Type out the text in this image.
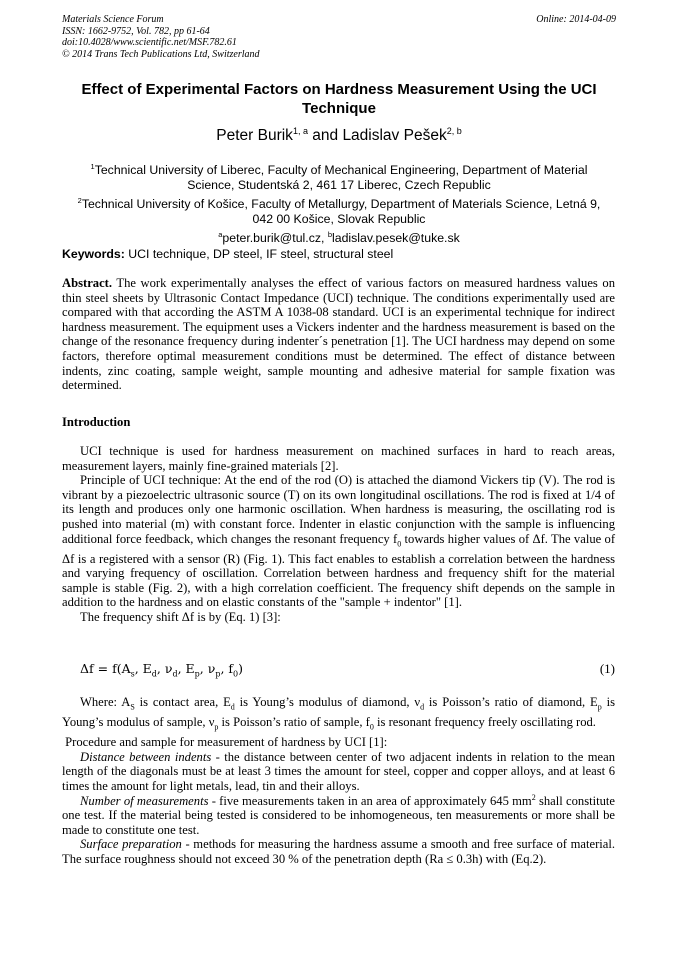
Materials Science Forum
ISSN: 1662-9752, Vol. 782, pp 61-64
doi:10.4028/www.scientific.net/MSF.782.61
© 2014 Trans Tech Publications Ltd, Switzerland
Online: 2014-04-09
Effect of Experimental Factors on Hardness Measurement Using the UCI
Technique
Peter Burik$^{1, a}$ and Ladislav Pešek$^{2, b}$
$^1$Technical University of Liberec, Faculty of Mechanical Engineering, Department of Material
Science, Studentská 2, 461 17 Liberec, Czech Republic
$^2$Technical University of Košice, Faculty of Metallurgy, Department of Materials Science, Letná 9,
042 00 Košice, Slovak Republic
$^a$peter.burik@tul.cz, $^b$ladislav.pesek@tuke.sk
Keywords: UCI technique, DP steel, IF steel, structural steel

Abstract. The work experimentally analyses the effect of various factors on measured hardness values on thin steel sheets by Ultrasonic Contact Impedance (UCI) technique. The conditions experimentally used are compared with that according the ASTM A 1038-08 standard. UCI is an experimental technique for indirect hardness measurement. The equipment uses a Vickers indenter and the hardness measurement is based on the change of the resonance frequency during indenter´s penetration [1]. The UCI hardness may depend on some factors, therefore optimal measurement conditions must be determined. The effect of distance between indents, zinc coating, sample weight, sample mounting and adhesive material for sample fixation was determined.

Introduction

UCI technique is used for hardness measurement on machined surfaces in hard to reach areas, measurement layers, mainly fine-grained materials [2].

Principle of UCI technique: At the end of the rod (O) is attached the diamond Vickers tip (V). The rod is vibrant by a piezoelectric ultrasonic source (T) on its own longitudinal oscillations. The rod is fixed at 1/4 of its length and produces only one harmonic oscillation. When hardness is measuring, the oscillating rod is pushed into material (m) with constant force. Indenter in elastic conjunction with the sample is influencing additional force feedback, which changes the resonant frequency $f_0$ towards higher values of Δf. The value of Δf is a registered with a sensor (R) (Fig. 1). This fact enables to establish a correlation between the hardness and varying frequency of oscillation. Correlation between hardness and frequency shift for the material sample is stable (Fig. 2), with a high correlation coefficient. The frequency shift depends on the sample in addition to the hardness and on elastic constants of the "sample + indentor" [1].

The frequency shift Δf is by (Eq. 1) [3]:

$\Delta f = f(A_s$, $E_d$, $\nu_d$, $E_p$, $\nu_p$, $f_0$)	(1)

Where: $A_S$ is contact area, $E_d$ is Young’s modulus of diamond, $\nu_d$ is Poisson’s ratio of diamond, $E_p$ is Young’s modulus of sample, $\nu_p$ is Poisson’s ratio of sample, $f_0$ is resonant frequency freely oscillating rod.

Procedure and sample for measurement of hardness by UCI [1]:

Distance between indents - the distance between center of two adjacent indents in relation to the mean length of the diagonals must be at least 3 times the amount for steel, copper and copper alloys, and at least 6 times the amount for light metals, lead, tin and their alloys.

Number of measurements - five measurements taken in an area of approximately 645 $mm^2$ shall constitute one test. If the material being tested is considered to be inhomogeneous, ten measurements or more shall be made to constitute one test.

Surface preparation - methods for measuring the hardness assume a smooth and free surface of material. The surface roughness should not exceed 30 % of the penetration depth (Ra ≤ 0.3h) with (Eq.2).
